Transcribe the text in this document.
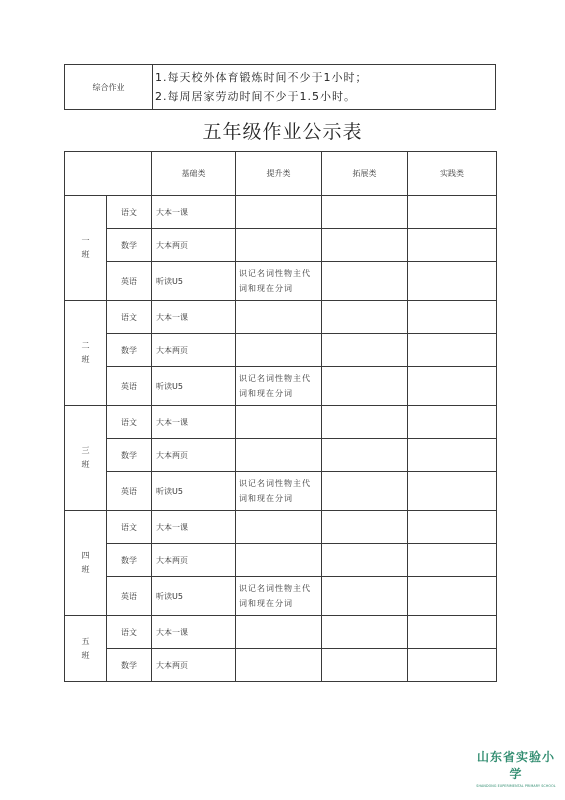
综合作业	
1.每天校外体育锻炼时间不少于1小时；
2.每周居家劳动时间不少于1.5小时。
五年级作业公示表
		基础类	提升类	拓展类	实践类

一
班	语文	大本一课			
	数学	大本两页			
	英语	听读U5	识记名词性物主代词和现在分词		

二
班	语文	大本一课			
	数学	大本两页			
	英语	听读U5	识记名词性物主代词和现在分词		

三
班	语文	大本一课			
	数学	大本两页			
	英语	听读U5	识记名词性物主代词和现在分词		

四
班	语文	大本一课			
	数学	大本两页			
	英语	听读U5	识记名词性物主代词和现在分词		

五
班	语文	大本一课			
	数学	大本两页			
山东省实验小学
SHANDONG EXPERIMENTAL PRIMARY SCHOOL
